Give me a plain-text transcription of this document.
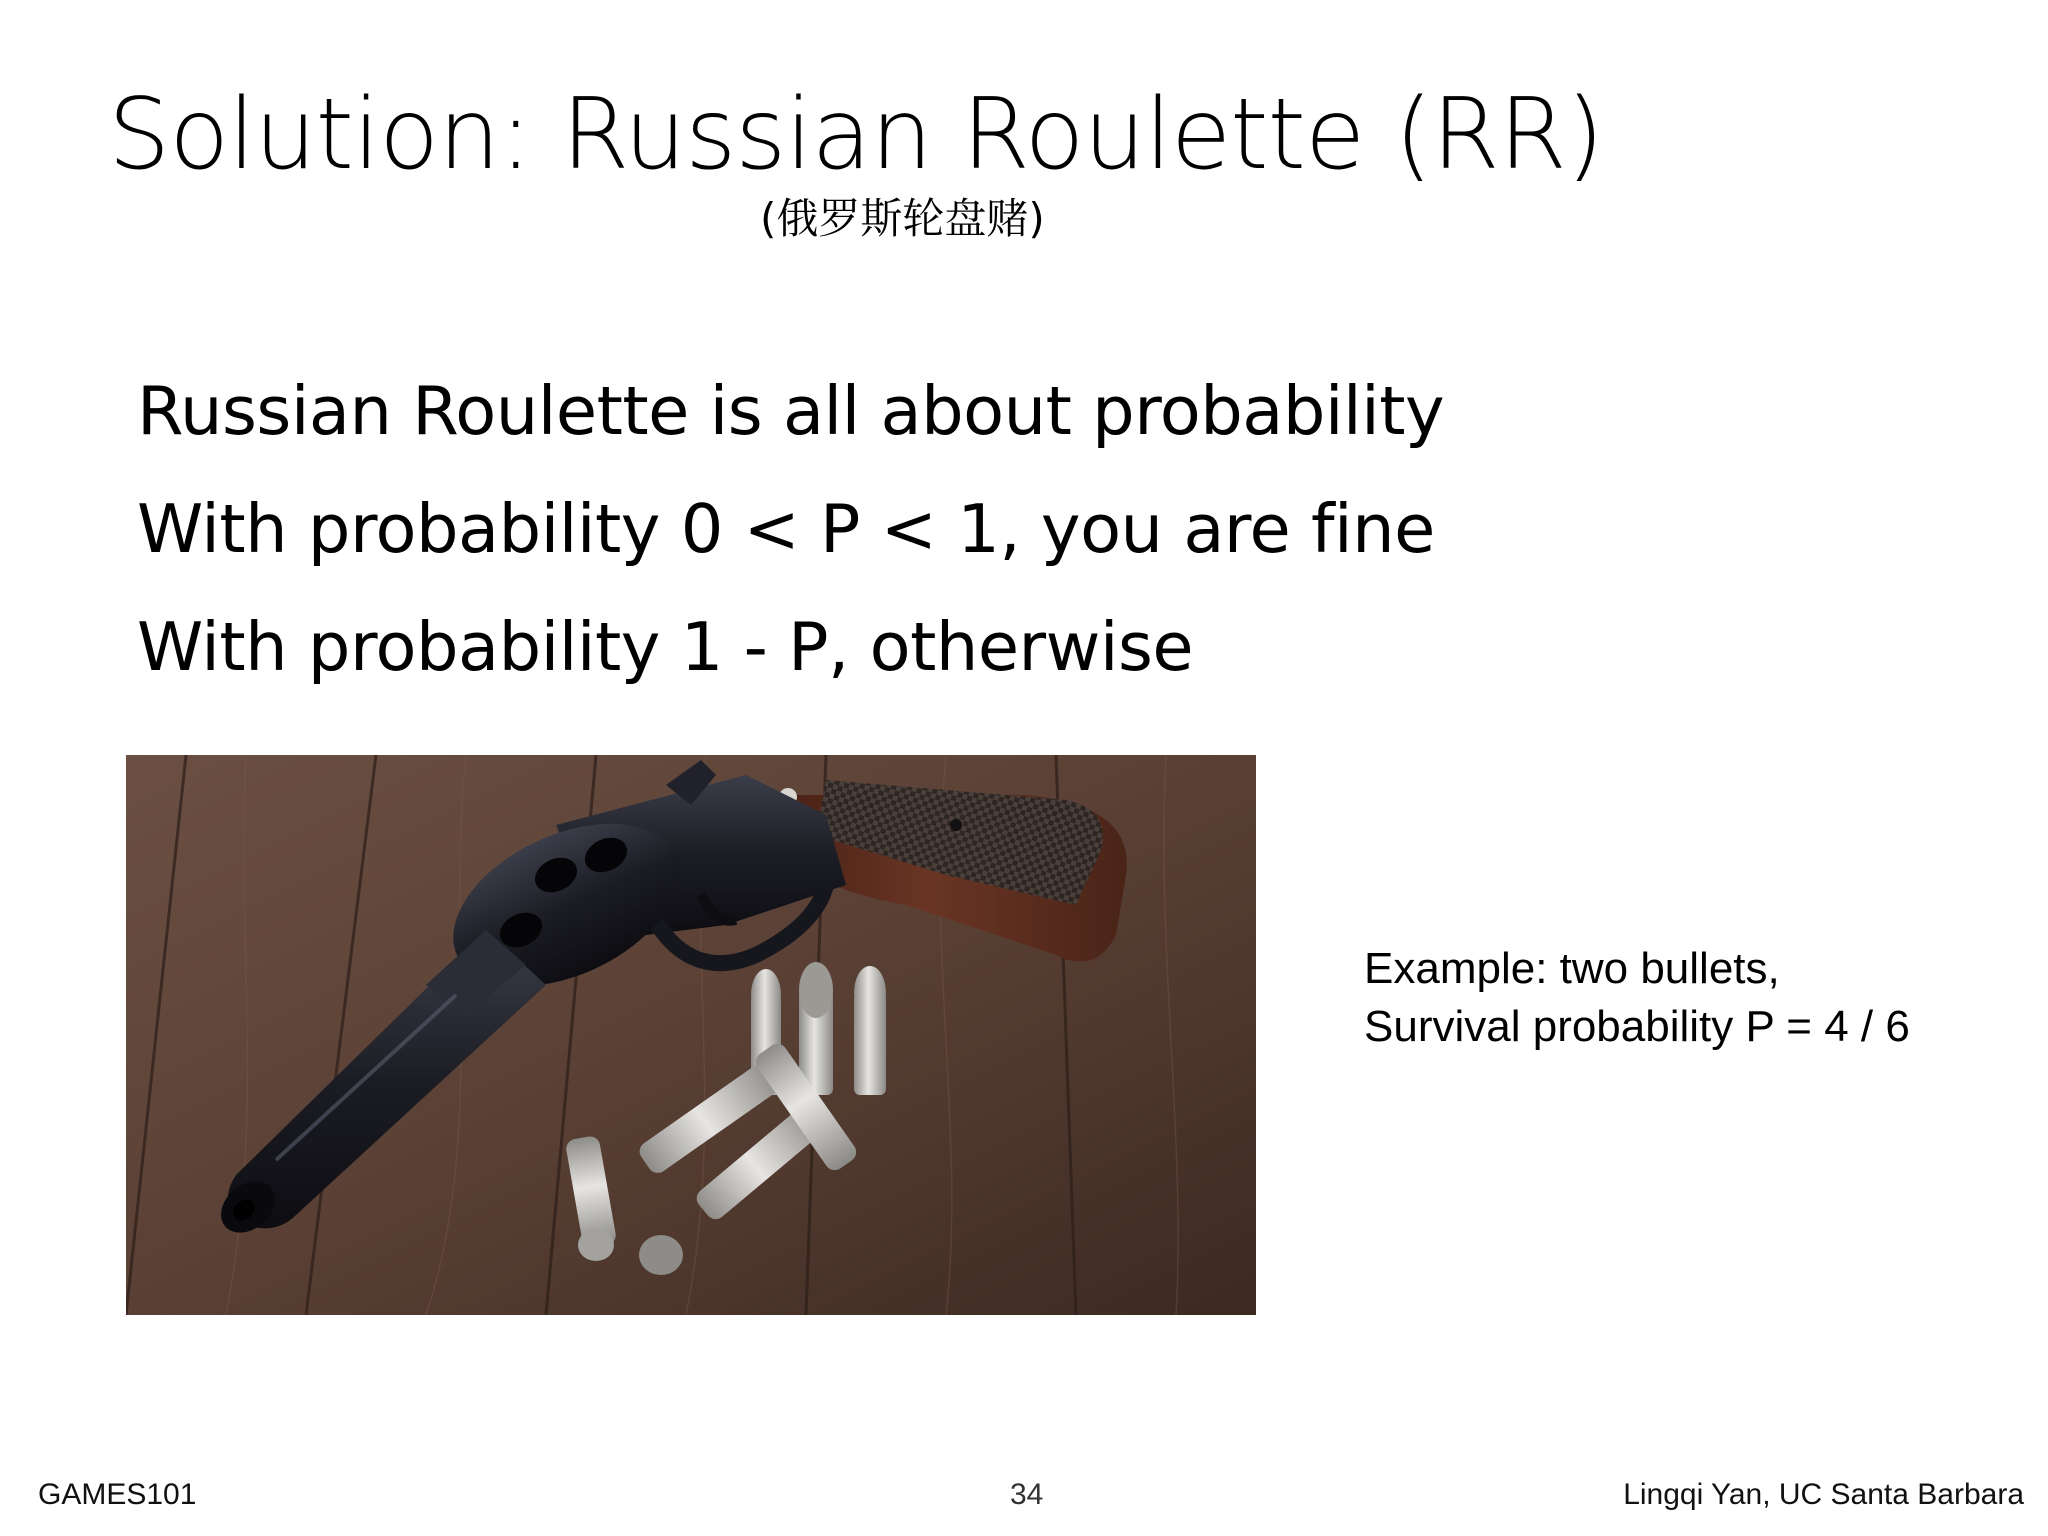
Solution: Russian Roulette (RR)
(俄罗斯轮盘赌)
Russian Roulette is all about probability
With probability 0 < P < 1, you are fine
With probability 1 - P, otherwise
Example: two bullets,
Survival probability P = 4 / 6
GAMES101	34	Lingqi Yan, UC Santa Barbara
